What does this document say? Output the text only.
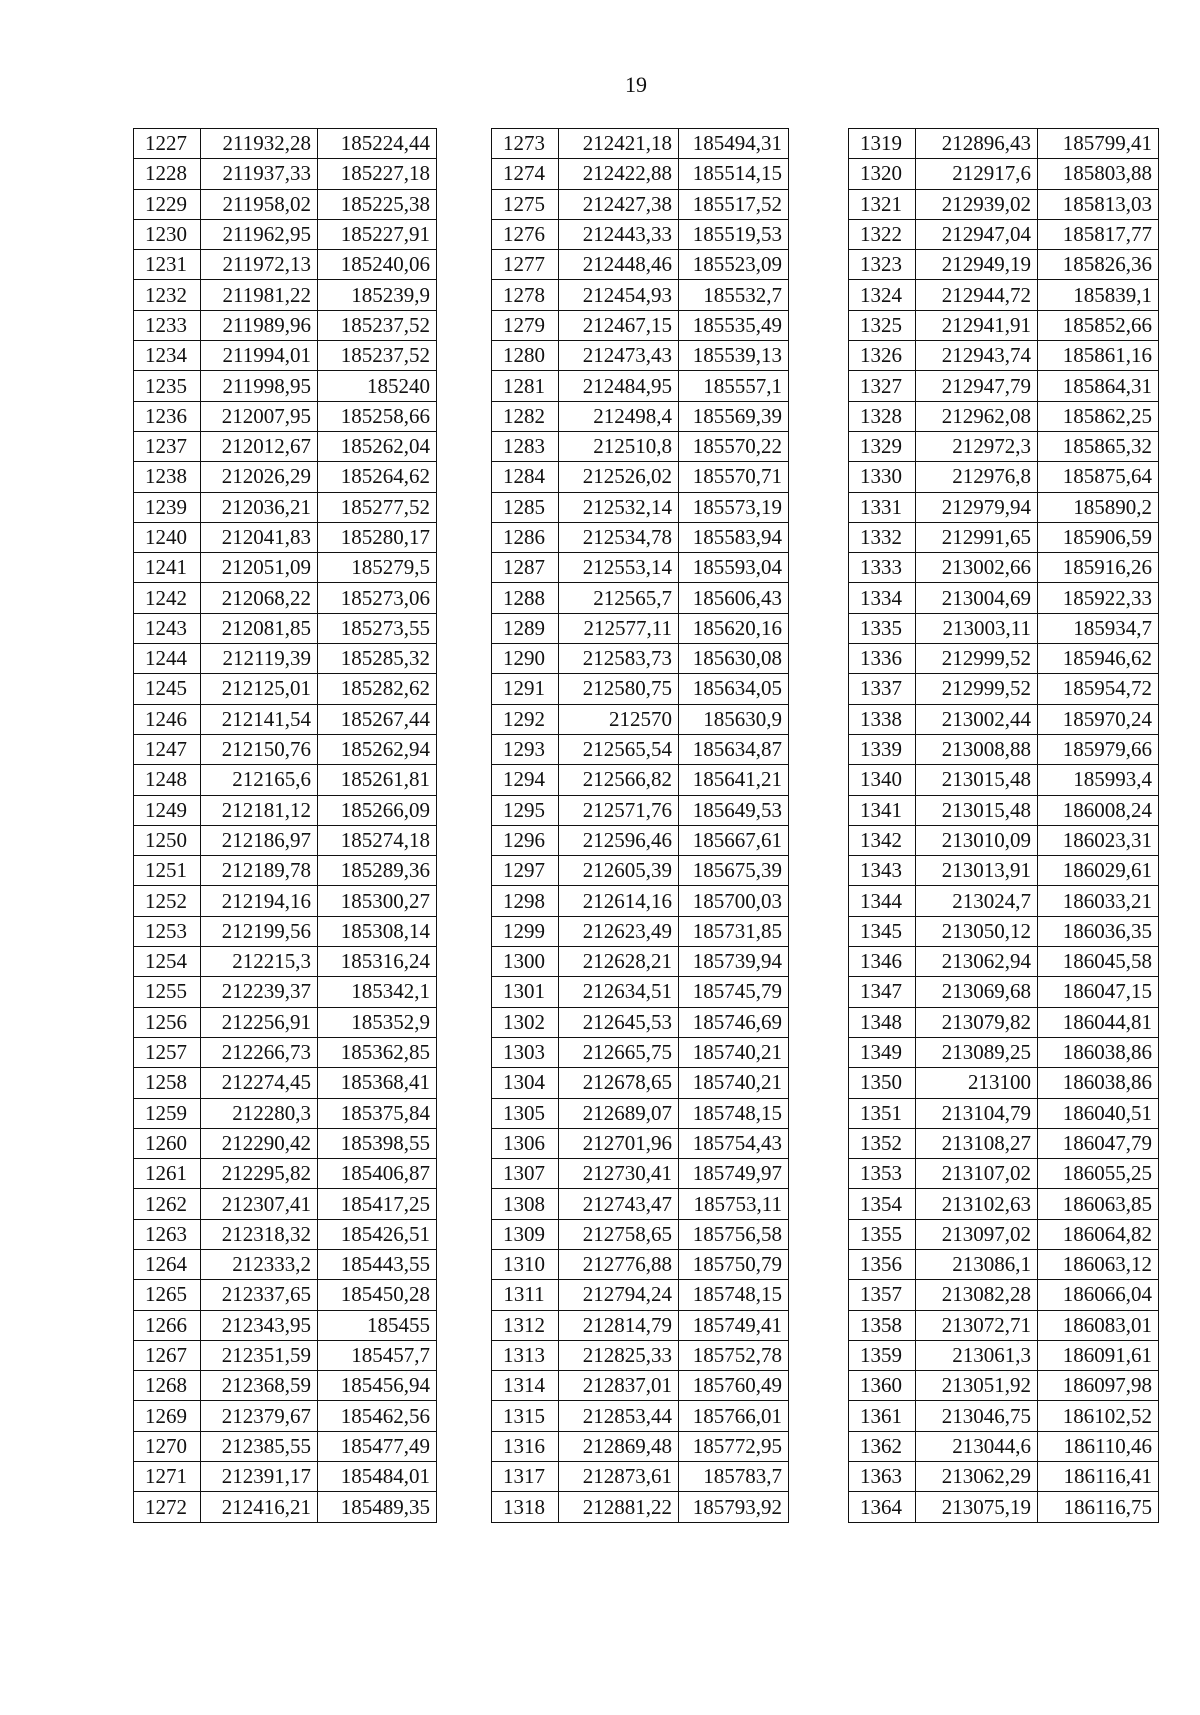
19
1227	211932,28	185224,44
1228	211937,33	185227,18
1229	211958,02	185225,38
1230	211962,95	185227,91
1231	211972,13	185240,06
1232	211981,22	185239,9
1233	211989,96	185237,52
1234	211994,01	185237,52
1235	211998,95	185240
1236	212007,95	185258,66
1237	212012,67	185262,04
1238	212026,29	185264,62
1239	212036,21	185277,52
1240	212041,83	185280,17
1241	212051,09	185279,5
1242	212068,22	185273,06
1243	212081,85	185273,55
1244	212119,39	185285,32
1245	212125,01	185282,62
1246	212141,54	185267,44
1247	212150,76	185262,94
1248	212165,6	185261,81
1249	212181,12	185266,09
1250	212186,97	185274,18
1251	212189,78	185289,36
1252	212194,16	185300,27
1253	212199,56	185308,14
1254	212215,3	185316,24
1255	212239,37	185342,1
1256	212256,91	185352,9
1257	212266,73	185362,85
1258	212274,45	185368,41
1259	212280,3	185375,84
1260	212290,42	185398,55
1261	212295,82	185406,87
1262	212307,41	185417,25
1263	212318,32	185426,51
1264	212333,2	185443,55
1265	212337,65	185450,28
1266	212343,95	185455
1267	212351,59	185457,7
1268	212368,59	185456,94
1269	212379,67	185462,56
1270	212385,55	185477,49
1271	212391,17	185484,01
1272	212416,21	185489,35
1273	212421,18	185494,31
1274	212422,88	185514,15
1275	212427,38	185517,52
1276	212443,33	185519,53
1277	212448,46	185523,09
1278	212454,93	185532,7
1279	212467,15	185535,49
1280	212473,43	185539,13
1281	212484,95	185557,1
1282	212498,4	185569,39
1283	212510,8	185570,22
1284	212526,02	185570,71
1285	212532,14	185573,19
1286	212534,78	185583,94
1287	212553,14	185593,04
1288	212565,7	185606,43
1289	212577,11	185620,16
1290	212583,73	185630,08
1291	212580,75	185634,05
1292	212570	185630,9
1293	212565,54	185634,87
1294	212566,82	185641,21
1295	212571,76	185649,53
1296	212596,46	185667,61
1297	212605,39	185675,39
1298	212614,16	185700,03
1299	212623,49	185731,85
1300	212628,21	185739,94
1301	212634,51	185745,79
1302	212645,53	185746,69
1303	212665,75	185740,21
1304	212678,65	185740,21
1305	212689,07	185748,15
1306	212701,96	185754,43
1307	212730,41	185749,97
1308	212743,47	185753,11
1309	212758,65	185756,58
1310	212776,88	185750,79
1311	212794,24	185748,15
1312	212814,79	185749,41
1313	212825,33	185752,78
1314	212837,01	185760,49
1315	212853,44	185766,01
1316	212869,48	185772,95
1317	212873,61	185783,7
1318	212881,22	185793,92
1319	212896,43	185799,41
1320	212917,6	185803,88
1321	212939,02	185813,03
1322	212947,04	185817,77
1323	212949,19	185826,36
1324	212944,72	185839,1
1325	212941,91	185852,66
1326	212943,74	185861,16
1327	212947,79	185864,31
1328	212962,08	185862,25
1329	212972,3	185865,32
1330	212976,8	185875,64
1331	212979,94	185890,2
1332	212991,65	185906,59
1333	213002,66	185916,26
1334	213004,69	185922,33
1335	213003,11	185934,7
1336	212999,52	185946,62
1337	212999,52	185954,72
1338	213002,44	185970,24
1339	213008,88	185979,66
1340	213015,48	185993,4
1341	213015,48	186008,24
1342	213010,09	186023,31
1343	213013,91	186029,61
1344	213024,7	186033,21
1345	213050,12	186036,35
1346	213062,94	186045,58
1347	213069,68	186047,15
1348	213079,82	186044,81
1349	213089,25	186038,86
1350	213100	186038,86
1351	213104,79	186040,51
1352	213108,27	186047,79
1353	213107,02	186055,25
1354	213102,63	186063,85
1355	213097,02	186064,82
1356	213086,1	186063,12
1357	213082,28	186066,04
1358	213072,71	186083,01
1359	213061,3	186091,61
1360	213051,92	186097,98
1361	213046,75	186102,52
1362	213044,6	186110,46
1363	213062,29	186116,41
1364	213075,19	186116,75
